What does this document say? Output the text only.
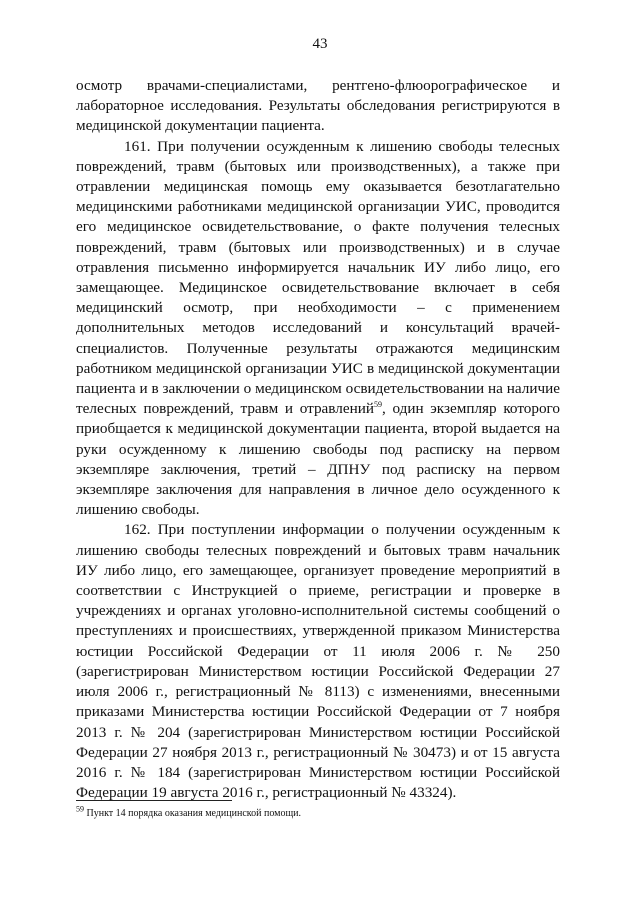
43

осмотр врачами-специалистами, рентгено-флюорографическое и лабораторное исследования. Результаты обследования регистрируются в медицинской документации пациента.

161. При получении осужденным к лишению свободы телесных повреждений, травм (бытовых или производственных), а также при отравлении медицинская помощь ему оказывается безотлагательно медицинскими работниками медицинской организации УИС, проводится его медицинское освидетельствование, о факте получения телесных повреждений, травм (бытовых или производственных) и в случае отравления письменно информируется начальник ИУ либо лицо, его замещающее. Медицинское освидетельствование включает в себя медицинский осмотр, при необходимости – с применением дополнительных методов исследований и консультаций врачей-специалистов. Полученные результаты отражаются медицинским работником медицинской организации УИС в медицинской документации пациента и в заключении о медицинском освидетельствовании на наличие телесных повреждений, травм и отравлений$^{59}$, один экземпляр которого приобщается к медицинской документации пациента, второй выдается на руки осужденному к лишению свободы под расписку на первом экземпляре заключения, третий – ДПНУ под расписку на первом экземпляре заключения для направления в личное дело осужденного к лишению свободы.

162. При поступлении информации о получении осужденным к лишению свободы телесных повреждений и бытовых травм начальник ИУ либо лицо, его замещающее, организует проведение мероприятий в соответствии с Инструкцией о приеме, регистрации и проверке в учреждениях и органах уголовно-исполнительной системы сообщений о преступлениях и происшествиях, утвержденной приказом Министерства юстиции Российской Федерации от 11 июля 2006 г. № 250 (зарегистрирован Министерством юстиции Российской Федерации 27 июля 2006 г., регистрационный № 8113) с изменениями, внесенными приказами Министерства юстиции Российской Федерации от 7 ноября 2013 г. № 204 (зарегистрирован Министерством юстиции Российской Федерации 27 ноября 2013 г., регистрационный № 30473) и от 15 августа 2016 г. № 184 (зарегистрирован Министерством юстиции Российской Федерации 19 августа 2016 г., регистрационный № 43324).

$^{59}$ Пункт 14 порядка оказания медицинской помощи.
